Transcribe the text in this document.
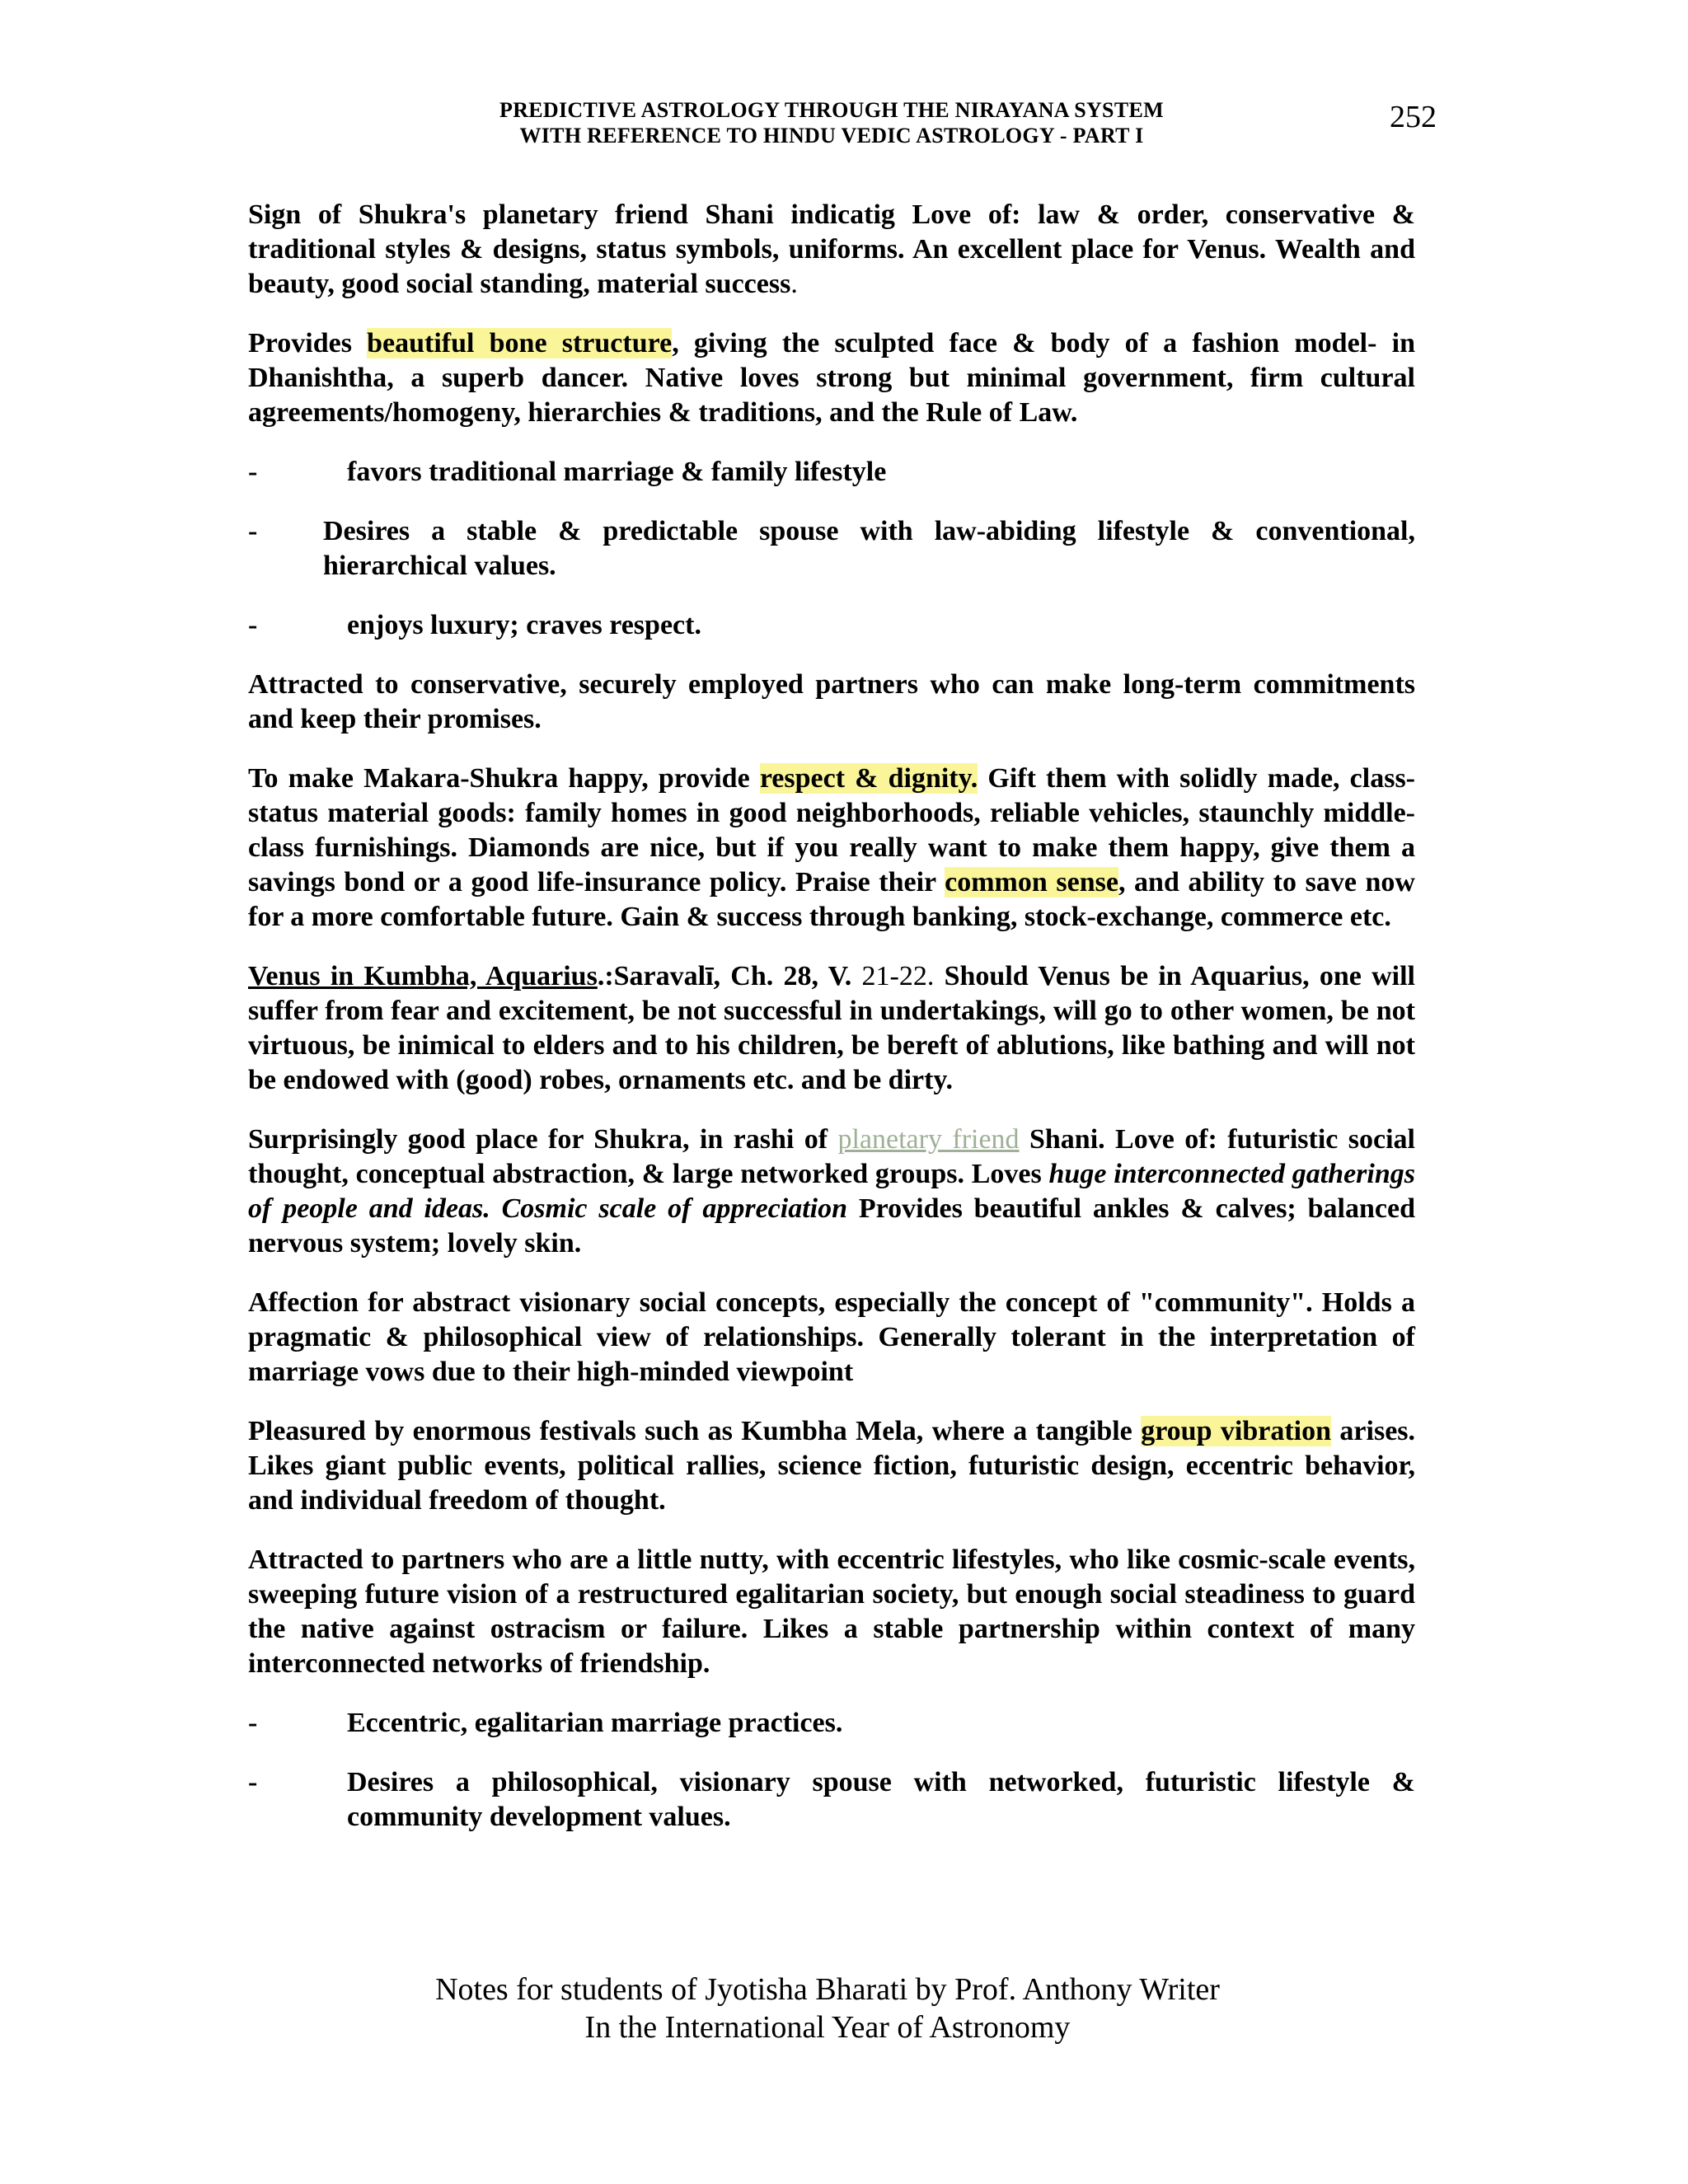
PREDICTIVE ASTROLOGY THROUGH THE NIRAYANA SYSTEM
WITH REFERENCE TO HINDU VEDIC ASTROLOGY - PART I
252

Sign of Shukra's planetary friend Shani indicatig Love of: law & order, conservative & traditional styles & designs, status symbols, uniforms. An excellent place for Venus. Wealth and beauty, good social standing, material success.

Provides beautiful bone structure, giving the sculpted face & body of a fashion model- in Dhanishtha, a superb dancer. Native loves strong but minimal government, firm cultural agreements/homogeny, hierarchies & traditions, and the Rule of Law.

-	favors traditional marriage & family lifestyle
-	Desires a stable & predictable spouse with law-abiding lifestyle & conventional, hierarchical values.
-	enjoys luxury; craves respect.

Attracted to conservative, securely employed partners who can make long-term commitments and keep their promises.

To make Makara-Shukra happy, provide respect & dignity. Gift them with solidly made, class-status material goods: family homes in good neighborhoods, reliable vehicles, staunchly middle-class furnishings. Diamonds are nice, but if you really want to make them happy, give them a savings bond or a good life-insurance policy. Praise their common sense, and ability to save now for a more comfortable future. Gain & success through banking, stock-exchange, commerce etc.

Venus in Kumbha, Aquarius.:Saravalī, Ch. 28, V. 21-22. Should Venus be in Aquarius, one will suffer from fear and excitement, be not successful in undertakings, will go to other women, be not virtuous, be inimical to elders and to his children, be bereft of ablutions, like bathing and will not be endowed with (good) robes, ornaments etc. and be dirty.

Surprisingly good place for Shukra, in rashi of planetary friend Shani. Love of: futuristic social thought, conceptual abstraction, & large networked groups. Loves huge interconnected gatherings of people and ideas. Cosmic scale of appreciation Provides beautiful ankles & calves; balanced nervous system; lovely skin.

Affection for abstract visionary social concepts, especially the concept of "community". Holds a pragmatic & philosophical view of relationships. Generally tolerant in the interpretation of marriage vows due to their high-minded viewpoint

Pleasured by enormous festivals such as Kumbha Mela, where a tangible group vibration arises. Likes giant public events, political rallies, science fiction, futuristic design, eccentric behavior, and individual freedom of thought.

Attracted to partners who are a little nutty, with eccentric lifestyles, who like cosmic-scale events, sweeping future vision of a restructured egalitarian society, but enough social steadiness to guard the native against ostracism or failure. Likes a stable partnership within context of many interconnected networks of friendship.

-	Eccentric, egalitarian marriage practices.
-	Desires a philosophical, visionary spouse with networked, futuristic lifestyle & community development values.
Notes for students of Jyotisha Bharati by Prof. Anthony Writer
In the International Year of Astronomy
